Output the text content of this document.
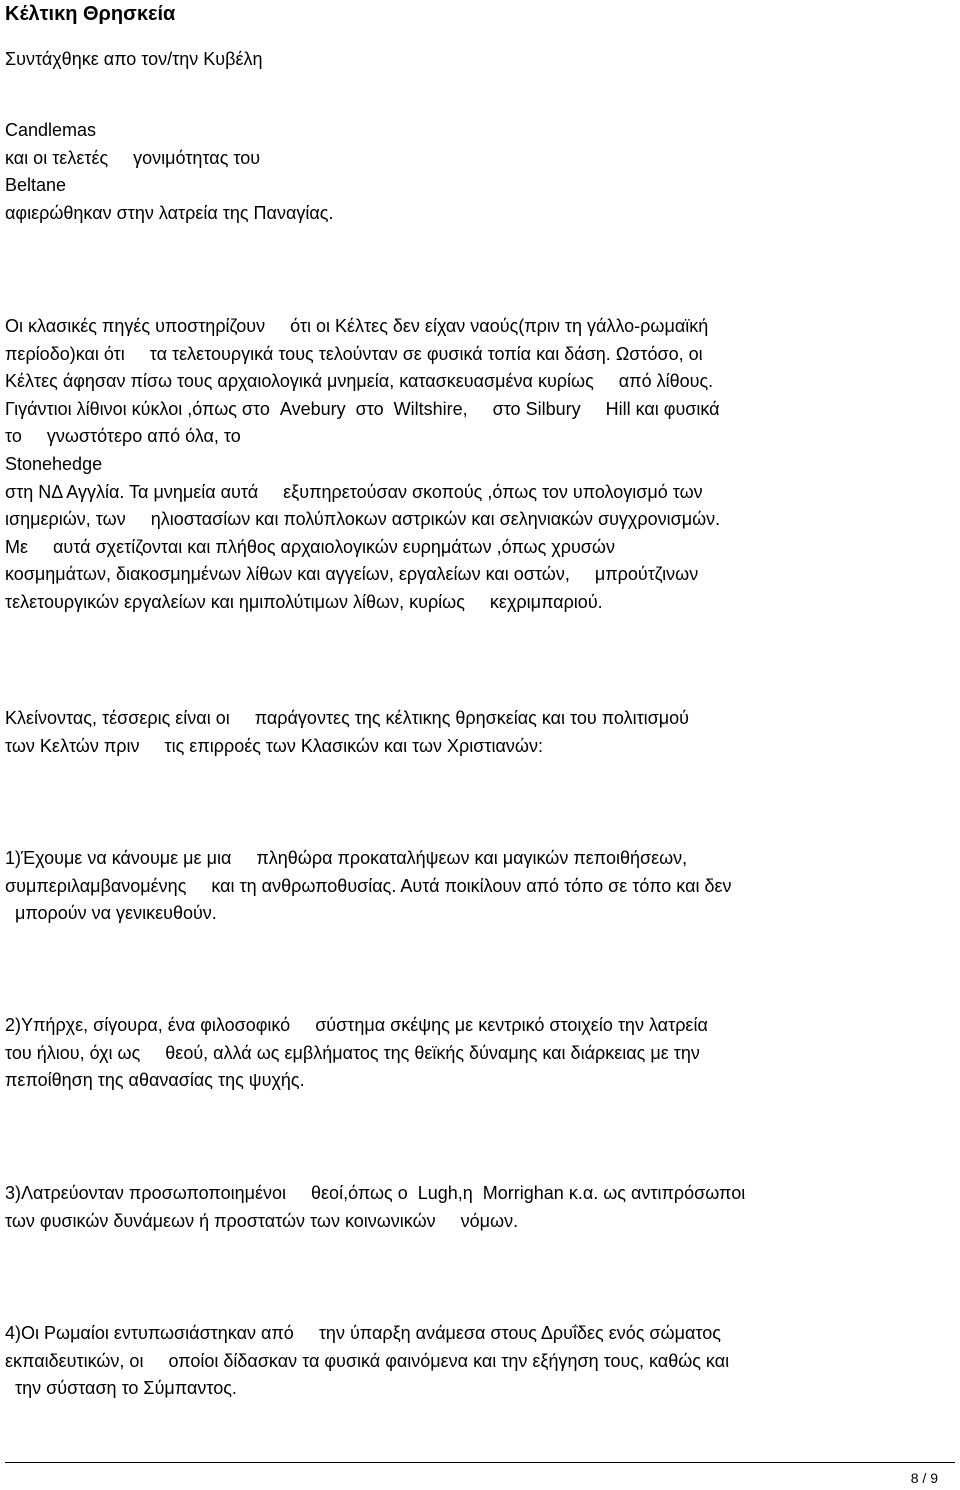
Κέλτικη Θρησκεία
Συντάχθηκε απο τον/την Κυβέλη
Candlemas
και οι τελετές     γονιμότητας του
Beltane
αφιερώθηκαν στην λατρεία της Παναγίας.
Οι κλασικές πηγές υποστηρίζουν     ότι οι Κέλτες δεν είχαν ναούς(πριν τη γάλλο-ρωμαϊκή
περίοδο)και ότι     τα τελετουργικά τους τελούνταν σε φυσικά τοπία και δάση. Ωστόσο, οι
Κέλτες άφησαν πίσω τους αρχαιολογικά μνημεία, κατασκευασμένα κυρίως     από λίθους.
Γιγάντιοι λίθινοι κύκλοι ,όπως στο  Avebury  στο  Wiltshire,     στο Silbury     Hill και φυσικά
το     γνωστότερο από όλα, το
Stonehedge
στη ΝΔ Αγγλία. Τα μνημεία αυτά     εξυπηρετούσαν σκοπούς ,όπως τον υπολογισμό των
ισημεριών, των     ηλιοστασίων και πολύπλοκων αστρικών και σεληνιακών συγχρονισμών.
Με     αυτά σχετίζονται και πλήθος αρχαιολογικών ευρημάτων ,όπως χρυσών
κοσμημάτων, διακοσμημένων λίθων και αγγείων, εργαλείων και οστών,     μπρούτζινων
τελετουργικών εργαλείων και ημιπολύτιμων λίθων, κυρίως     κεχριμπαριού.
Κλείνοντας, τέσσερις είναι οι     παράγοντες της κέλτικης θρησκείας και του πολιτισμού
των Κελτών πριν     τις επιρροές των Κλασικών και των Χριστιανών:
1)Έχουμε να κάνουμε με μια     πληθώρα προκαταλήψεων και μαγικών πεποιθήσεων,
συμπεριλαμβανομένης     και τη ανθρωποθυσίας. Αυτά ποικίλουν από τόπο σε τόπο και δεν
μπορούν να γενικευθούν.
2)Υπήρχε, σίγουρα, ένα φιλοσοφικό     σύστημα σκέψης με κεντρικό στοιχείο την λατρεία
του ήλιου, όχι ως     θεού, αλλά ως εμβλήματος της θεϊκής δύναμης και διάρκειας με την
πεποίθηση της αθανασίας της ψυχής.
3)Λατρεύονταν προσωποποιημένοι     θεοί,όπως ο  Lugh,η  Morrighan κ.α. ως αντιπρόσωποι
των φυσικών δυνάμεων ή προστατών των κοινωνικών     νόμων.
4)Οι Ρωμαίοι εντυπωσιάστηκαν από     την ύπαρξη ανάμεσα στους Δρυΐδες ενός σώματος
εκπαιδευτικών, οι     οποίοι δίδασκαν τα φυσικά φαινόμενα και την εξήγηση τους, καθώς και
την σύσταση το Σύμπαντος.
8 / 9
